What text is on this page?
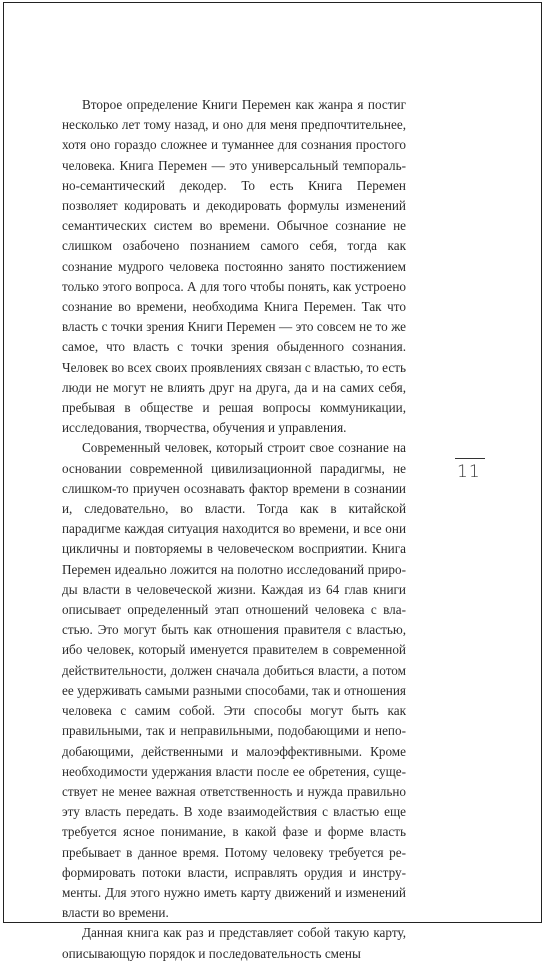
Второе определение Книги Перемен как жанра я постиг несколько лет тому назад, и оно для меня предпочтительнее, хотя оно гораздо сложнее и туманнее для сознания простого человека. Книга Перемен — это универсальный темпорально-семантический декодер. То есть Книга Перемен позволяет кодировать и декодировать формулы изменений семантических систем во времени. Обычное сознание не слишком озабочено познанием самого себя, тогда как сознание мудрого человека постоянно занято постижением только этого вопроса. А для того чтобы понять, как устроено сознание во времени, необходима Книга Перемен. Так что власть с точки зрения Книги Перемен — это совсем не то же самое, что власть с точки зрения обыденного сознания. Человек во всех своих проявлениях связан с властью, то есть люди не могут не влиять друг на друга, да и на самих себя, пребывая в обществе и решая вопросы коммуникации, исследования, творчества, обучения и управления.

Современный человек, который строит свое сознание на основании современной цивилизационной парадигмы, не слишком-то приучен осознавать фактор времени в сознании и, следовательно, во власти. Тогда как в китайской парадигме каждая ситуация находится во времени, и все они цикличны и повторяемы в человеческом восприятии. Книга Перемен идеально ложится на полотно исследований природы власти в человеческой жизни. Каждая из 64 глав книги описывает определенный этап отношений человека с властью. Это могут быть как отношения правителя с властью, ибо человек, который именуется правителем в современной действительности, должен сначала добиться власти, а потом ее удерживать самыми разными способами, так и отношения человека с самим собой. Эти способы могут быть как правильными, так и неправильными, подобающими и неподобающими, действенными и малоэффективными. Кроме необходимости удержания власти после ее обретения, существует не менее важная ответственность и нужда правильно эту власть передать. В ходе взаимодействия с властью еще требуется ясное понимание, в какой фазе и форме власть пребывает в данное время. Потому человеку требуется реформировать потоки власти, исправлять орудия и инструменты. Для этого нужно иметь карту движений и изменений власти во времени.

Данная книга как раз и представляет собой такую карту, описывающую порядок и последовательность смены

11
